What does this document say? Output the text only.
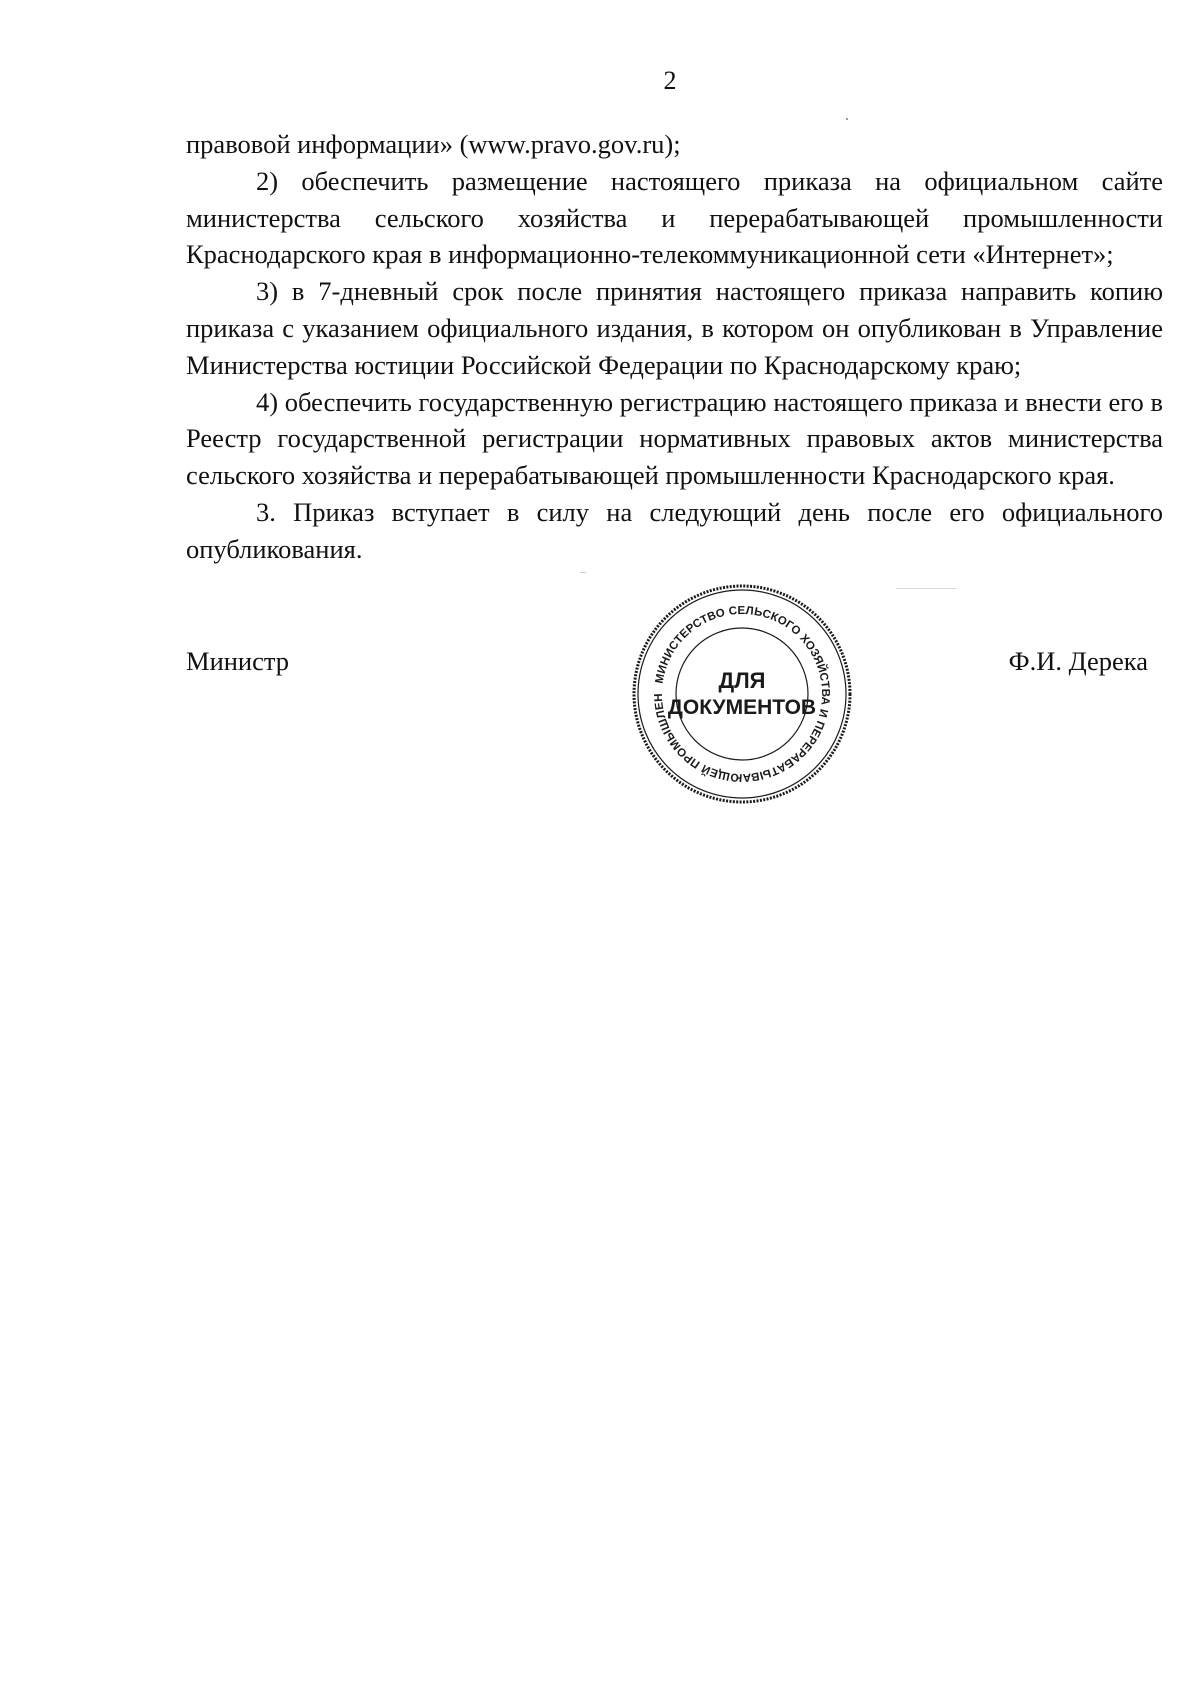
2

правовой информации» (www.pravo.gov.ru);

2) обеспечить размещение настоящего приказа на официальном сайте министерства сельского хозяйства и перерабатывающей промышленности Краснодарского края в информационно-телекоммуникационной сети «Интернет»;

3) в 7-дневный срок после принятия настоящего приказа направить копию приказа с указанием официального издания, в котором он опубликован в Управление Министерства юстиции Российской Федерации по Краснодарскому краю;

4) обеспечить государственную регистрацию настоящего приказа и внести его в Реестр государственной регистрации нормативных правовых актов министерства сельского хозяйства и перерабатывающей промышленности Краснодарского края.

3. Приказ вступает в силу на следующий день после его официального опубликования.

Министр	Ф.И. Дерека
МИНИСТЕРСТВО СЕЛЬСКОГО ХОЗЯЙСТВА И ПЕРЕРАБАТЫВАЮЩЕЙ ПРОМЫШЛЕН
ДЛЯ
ДОКУМЕНТОВ
